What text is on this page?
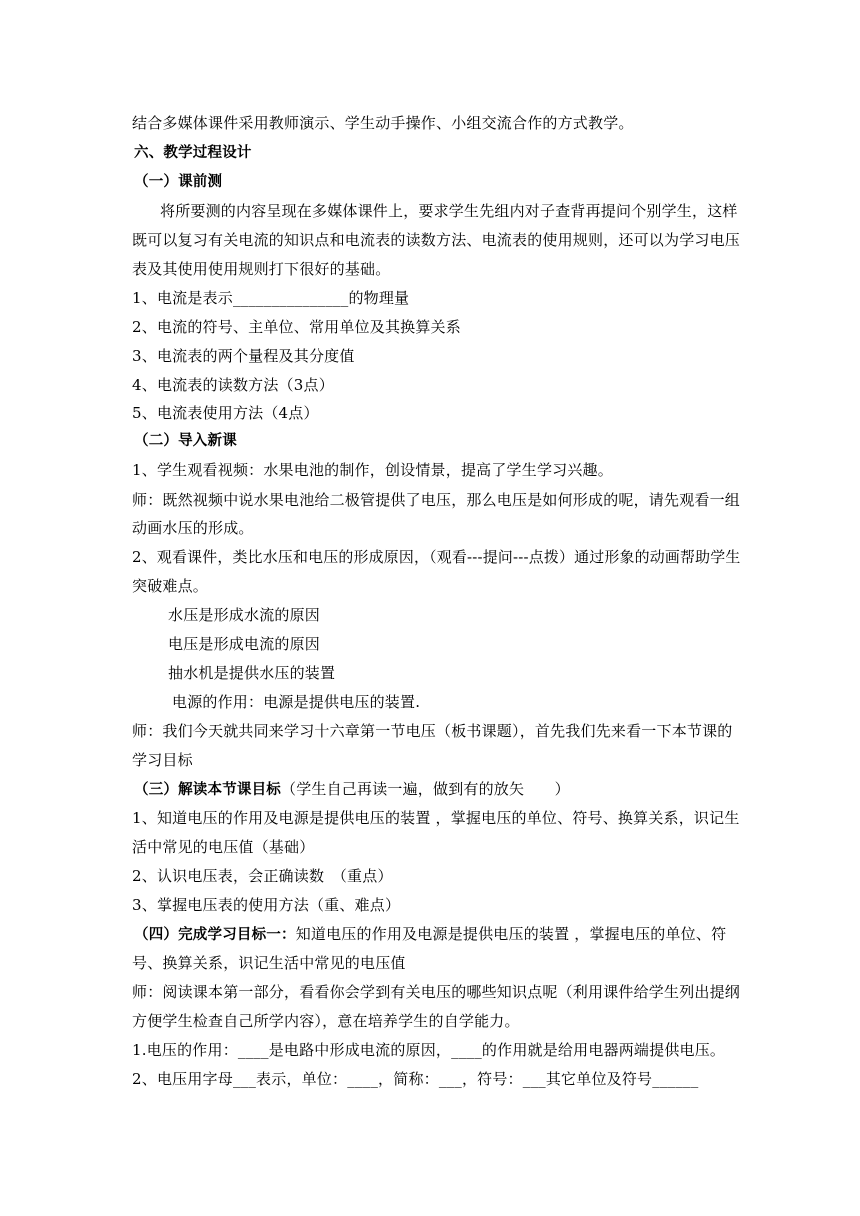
结合多媒体课件采用教师演示、学生动手操作、小组交流合作的方式教学。
六、教学过程设计
（一）课前测
将所要测的内容呈现在多媒体课件上，要求学生先组内对子查背再提问个别学生，这样
既可以复习有关电流的知识点和电流表的读数方法、电流表的使用规则，还可以为学习电压
表及其使用使用规则打下很好的基础。
1、电流是表示_______________的物理量
2、电流的符号、主单位、常用单位及其换算关系
3、电流表的两个量程及其分度值
4、电流表的读数方法（3点）
5、电流表使用方法（4点）
（二）导入新课
1、学生观看视频：水果电池的制作，创设情景，提高了学生学习兴趣。
师：既然视频中说水果电池给二极管提供了电压，那么电压是如何形成的呢，请先观看一组
动画水压的形成。
2、观看课件，类比水压和电压的形成原因，（观看---提问---点拨）通过形象的动画帮助学生
突破难点。
水压是形成水流的原因
电压是形成电流的原因
抽水机是提供水压的装置
电源的作用：电源是提供电压的装置.
师：我们今天就共同来学习十六章第一节电压（板书课题），首先我们先来看一下本节课的
学习目标
（三）解读本节课目标（学生自己再读一遍，做到有的放矢　　）
1、知道电压的作用及电源是提供电压的装置 ，掌握电压的单位、符号、换算关系，识记生
活中常见的电压值（基础）
2、认识电压表，会正确读数　（重点）
3、掌握电压表的使用方法（重、难点）
（四）完成学习目标一：知道电压的作用及电源是提供电压的装置 ，掌握电压的单位、符
号、换算关系，识记生活中常见的电压值
师：阅读课本第一部分，看看你会学到有关电压的哪些知识点呢（利用课件给学生列出提纲
方便学生检查自己所学内容），意在培养学生的自学能力。
1.电压的作用：____是电路中形成电流的原因，____的作用就是给用电器两端提供电压。
2、电压用字母___表示，单位：____，简称：___，符号：___其它单位及符号______
